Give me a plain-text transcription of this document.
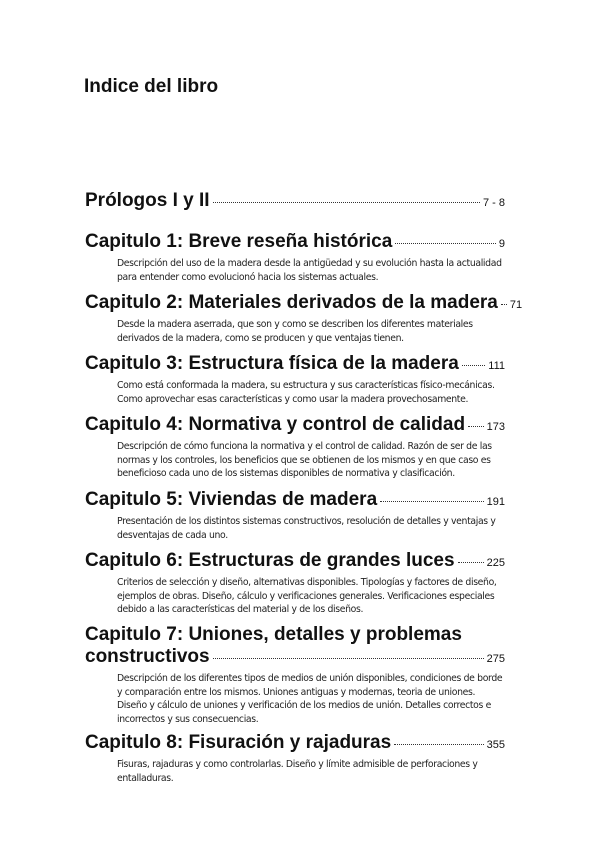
Indice del libro
Prólogos I y II	7 - 8
Capitulo 1: Breve reseña histórica	9
Descripción del uso de la madera desde la antigüedad y su evolución hasta la actualidad para entender como evolucionó hacia los sistemas actuales.
Capitulo 2: Materiales derivados de la madera 71
Desde la madera aserrada, que son y como se describen los diferentes materiales derivados de la madera, como se producen y que ventajas tienen.
Capitulo 3: Estructura física de la madera	111
Como está conformada la madera, su estructura y sus características físico-mecánicas. Como aprovechar esas características y como usar la madera provechosamente.
Capitulo 4: Normativa y control de calidad 173
Descripción de cómo funciona la normativa y el control de calidad. Razón de ser de las normas y los controles, los beneficios que se obtienen de los mismos y en que caso es beneficioso cada uno de los sistemas disponibles de normativa y clasificación.
Capitulo 5: Viviendas de madera	191
Presentación de los distintos sistemas constructivos, resolución de detalles y ventajas y desventajas de cada uno.
Capitulo 6: Estructuras de grandes luces	225
Criterios de selección y diseño, alternativas disponibles. Tipologías y factores de diseño, ejemplos de obras. Diseño, cálculo y verificaciones generales. Verificaciones especiales debido a las características del material y de los diseños.
Capitulo 7: Uniones, detalles y problemas
constructivos	275
Descripción de los diferentes tipos de medios de unión disponibles, condiciones de borde y comparación entre los mismos. Uniones antiguas y modernas, teoria de uniones. Diseño y cálculo de uniones y verificación de los medios de unión. Detalles correctos e incorrectos y sus consecuencias.
Capitulo 8: Fisuración y rajaduras	355
Fisuras, rajaduras y como controlarlas. Diseño y límite admisible de perforaciones y entalladuras.
